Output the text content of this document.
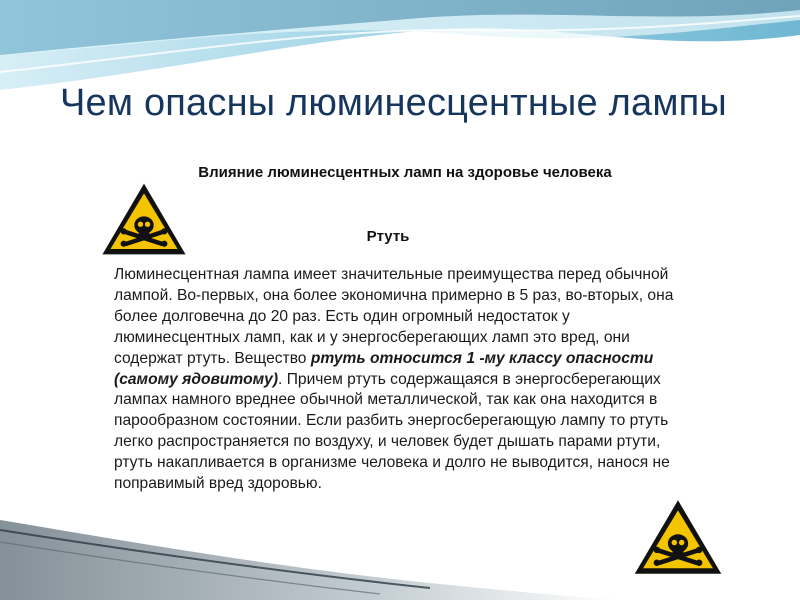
Чем опасны люминесцентные лампы
Влияние люминесцентных ламп на здоровье человека
Ртуть
Люминесцентная лампа имеет значительные преимущества перед обычной лампой. Во-первых, она более экономична примерно в 5 раз, во-вторых, она более долговечна до 20 раз. Есть один огромный недостаток у люминесцентных ламп, как и у энергосберегающих ламп это вред, они содержат ртуть. Вещество ртуть относится 1 -му классу опасности (самому ядовитому). Причем ртуть содержащаяся в энергосберегающих лампах намного вреднее обычной металлической, так как она находится в парообразном состоянии. Если разбить энергосберегающую лампу то ртуть легко распространяется по воздуху, и человек будет дышать парами ртути, ртуть накапливается в организме человека и долго не выводится, нанося не поправимый вред здоровью.
